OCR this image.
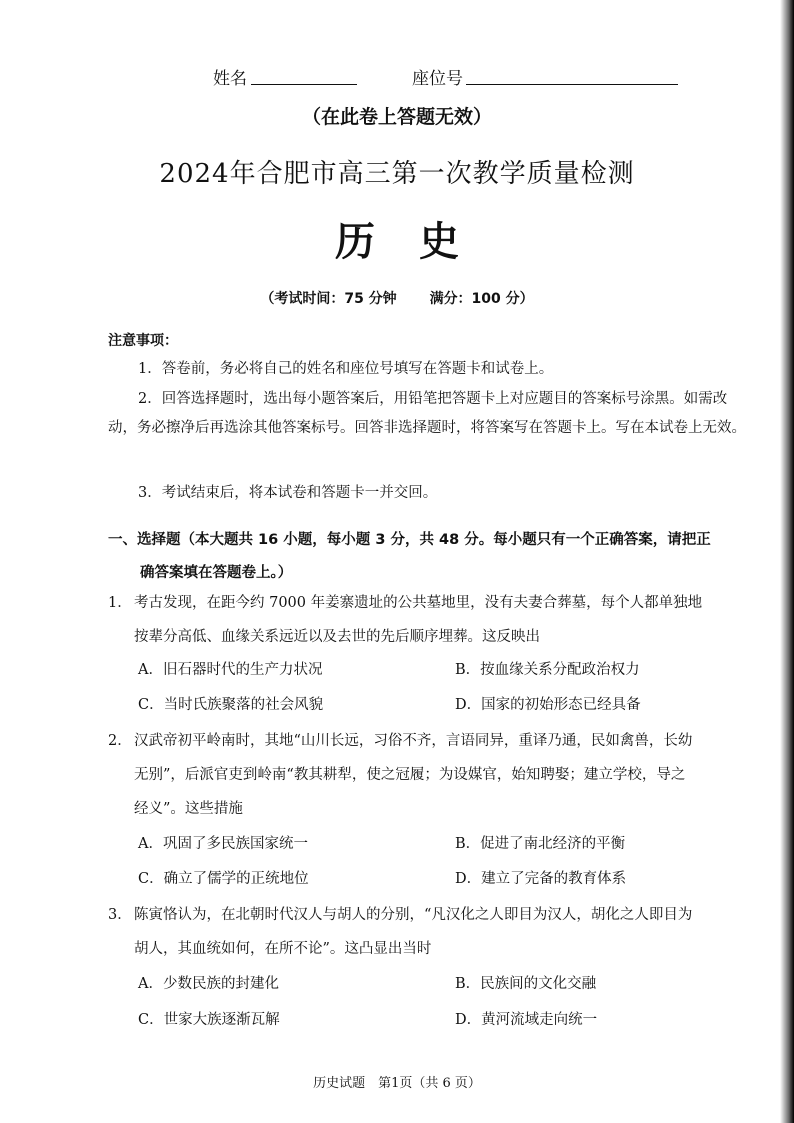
姓名	座位号
（在此卷上答题无效）
2024年合肥市高三第一次教学质量检测
历史
（考试时间：75 分钟 满分：100 分）
注意事项：
1．答卷前，务必将自己的姓名和座位号填写在答题卡和试卷上。
2．回答选择题时，选出每小题答案后，用铅笔把答题卡上对应题目的答案标号涂黑。如需改动，务必擦净后再选涂其他答案标号。回答非选择题时，将答案写在答题卡上。写在本试卷上无效。
3．考试结束后，将本试卷和答题卡一并交回。
一、选择题（本大题共 16 小题，每小题 3 分，共 48 分。每小题只有一个正确答案，请把正
确答案填在答题卷上。）
1． 考古发现，在距今约 7000 年姜寨遗址的公共墓地里，没有夫妻合葬墓，每个人都单独地
按辈分高低、血缘关系远近以及去世的先后顺序埋葬。这反映出
A．旧石器时代的生产力状况	B．按血缘关系分配政治权力
C．当时氏族聚落的社会风貌	D．国家的初始形态已经具备
2． 汉武帝初平岭南时，其地“山川长远，习俗不齐，言语同异，重译乃通，民如禽兽，长幼
无别”，后派官吏到岭南“教其耕犁，使之冠履；为设媒官，始知聘娶；建立学校，导之
经义”。这些措施
A．巩固了多民族国家统一	B．促进了南北经济的平衡
C．确立了儒学的正统地位	D．建立了完备的教育体系
3． 陈寅恪认为，在北朝时代汉人与胡人的分别，“凡汉化之人即目为汉人，胡化之人即目为
胡人，其血统如何，在所不论”。这凸显出当时
A．少数民族的封建化	B．民族间的文化交融
C．世家大族逐渐瓦解	D．黄河流域走向统一
历史试题　第1页（共 6 页）
